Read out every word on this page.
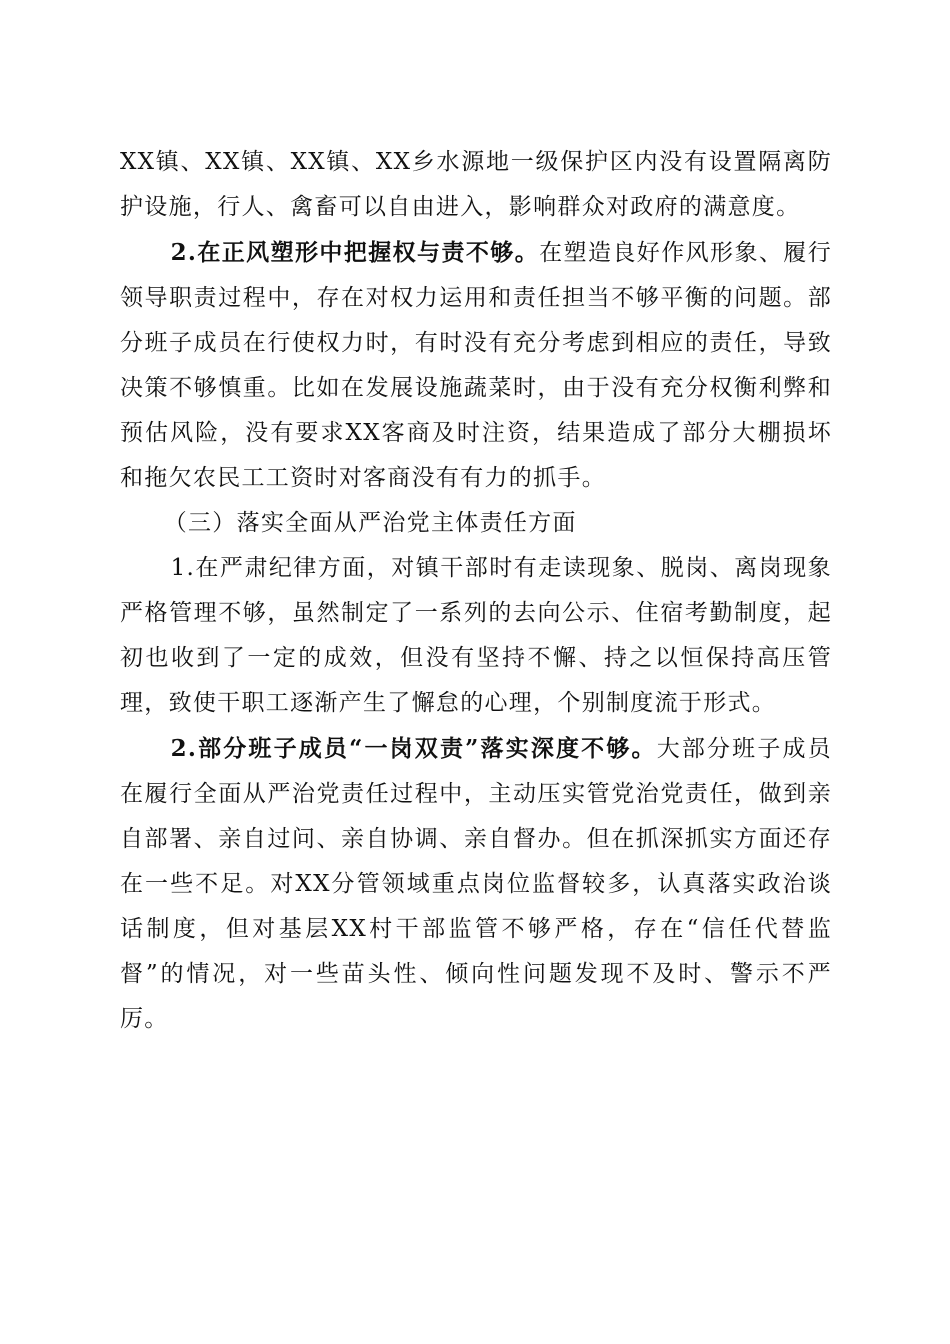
XX镇、XX镇、XX镇、XX乡水源地一级保护区内没有设置隔离防护设施，行人、禽畜可以自由进入，影响群众对政府的满意度。

2.在正风塑形中把握权与责不够。在塑造良好作风形象、履行领导职责过程中，存在对权力运用和责任担当不够平衡的问题。部分班子成员在行使权力时，有时没有充分考虑到相应的责任，导致决策不够慎重。比如在发展设施蔬菜时，由于没有充分权衡利弊和预估风险，没有要求XX客商及时注资，结果造成了部分大棚损坏和拖欠农民工工资时对客商没有有力的抓手。

（三）落实全面从严治党主体责任方面

1.在严肃纪律方面，对镇干部时有走读现象、脱岗、离岗现象严格管理不够，虽然制定了一系列的去向公示、住宿考勤制度，起初也收到了一定的成效，但没有坚持不懈、持之以恒保持高压管理，致使干职工逐渐产生了懈怠的心理，个别制度流于形式。

2.部分班子成员“一岗双责”落实深度不够。大部分班子成员在履行全面从严治党责任过程中，主动压实管党治党责任，做到亲自部署、亲自过问、亲自协调、亲自督办。但在抓深抓实方面还存在一些不足。对XX分管领域重点岗位监督较多，认真落实政治谈话制度，但对基层XX村干部监管不够严格，存在“信任代替监督”的情况，对一些苗头性、倾向性问题发现不及时、警示不严厉。
